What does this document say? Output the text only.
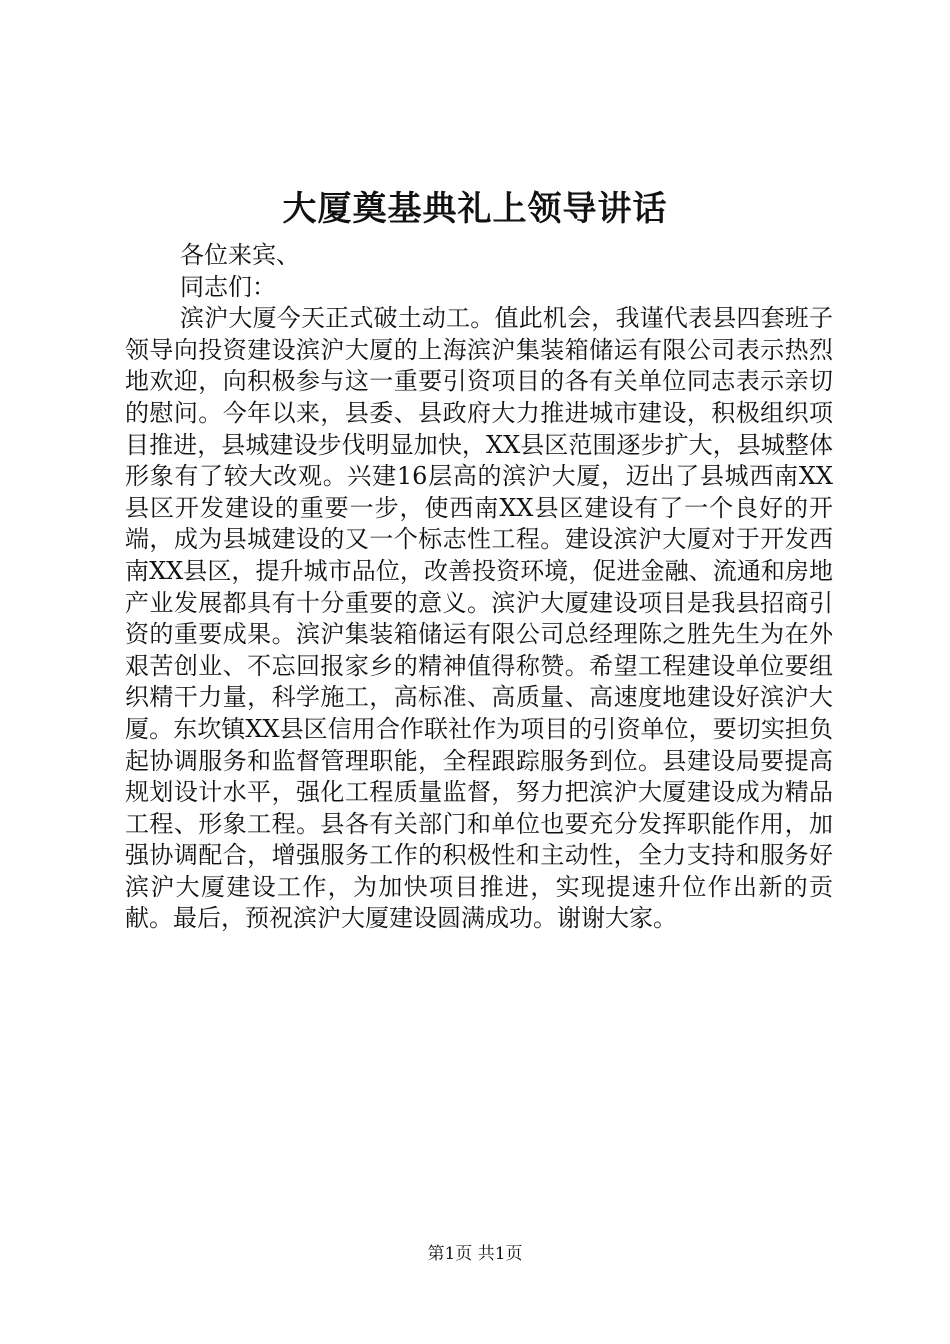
大厦奠基典礼上领导讲话

各位来宾、

同志们：

滨沪大厦今天正式破土动工。值此机会，我谨代表县四套班子领导向投资建设滨沪大厦的上海滨沪集装箱储运有限公司表示热烈地欢迎，向积极参与这一重要引资项目的各有关单位同志表示亲切的慰问。今年以来，县委、县政府大力推进城市建设，积极组织项目推进，县城建设步伐明显加快，XX县区范围逐步扩大，县城整体形象有了较大改观。兴建16层高的滨沪大厦，迈出了县城西南XX县区开发建设的重要一步，使西南XX县区建设有了一个良好的开端，成为县城建设的又一个标志性工程。建设滨沪大厦对于开发西南XX县区，提升城市品位，改善投资环境，促进金融、流通和房地产业发展都具有十分重要的意义。滨沪大厦建设项目是我县招商引资的重要成果。滨沪集装箱储运有限公司总经理陈之胜先生为在外艰苦创业、不忘回报家乡的精神值得称赞。希望工程建设单位要组织精干力量，科学施工，高标准、高质量、高速度地建设好滨沪大厦。东坎镇XX县区信用合作联社作为项目的引资单位，要切实担负起协调服务和监督管理职能，全程跟踪服务到位。县建设局要提高规划设计水平，强化工程质量监督，努力把滨沪大厦建设成为精品工程、形象工程。县各有关部门和单位也要充分发挥职能作用，加强协调配合，增强服务工作的积极性和主动性，全力支持和服务好滨沪大厦建设工作，为加快项目推进，实现提速升位作出新的贡献。最后，预祝滨沪大厦建设圆满成功。谢谢大家。

第1页 共1页
